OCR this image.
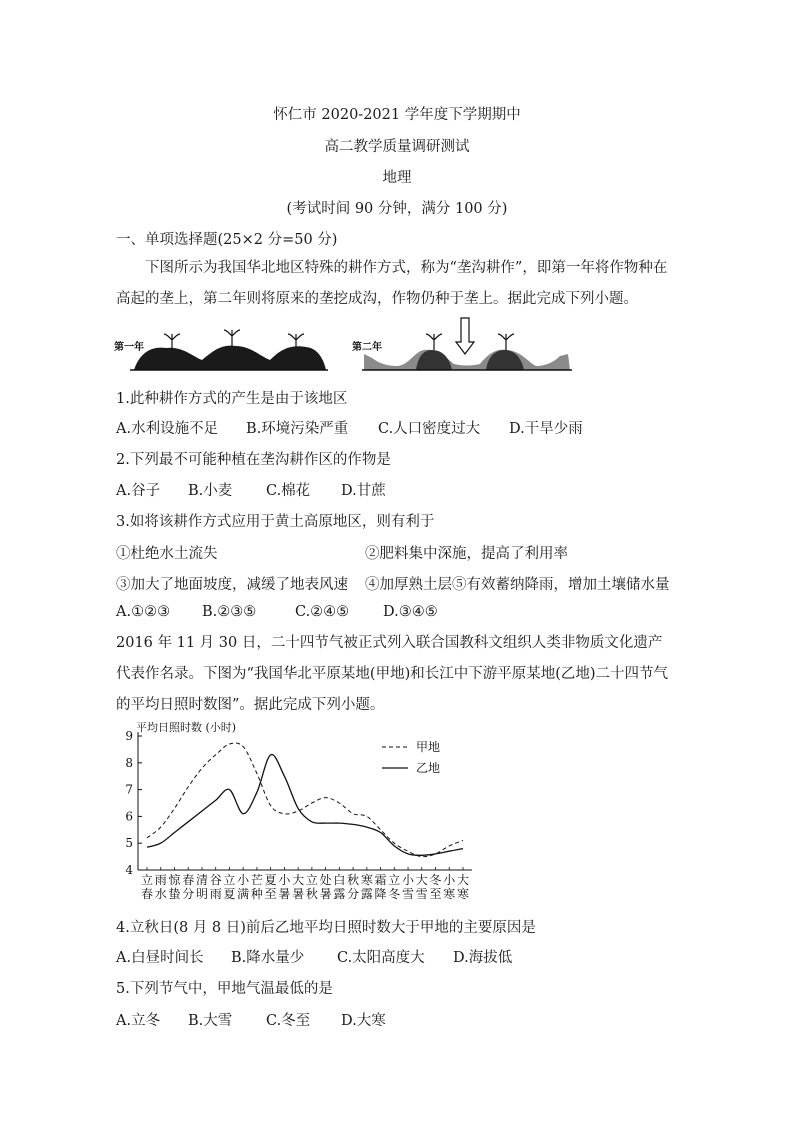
怀仁市 2020-2021 学年度下学期期中
高二教学质量调研测试
地理
(考试时间 90 分钟，满分 100 分)
一、单项选择题(25×2 分=50 分)
下图所示为我国华北地区特殊的耕作方式，称为“垄沟耕作”，即第一年将作物种在高起的垄上，第二年则将原来的垄挖成沟，作物仍种于垄上。据此完成下列小题。
第一年	第二年
1.此种耕作方式的产生是由于该地区
A.水利设施不足 B.环境污染严重 C.人口密度过大 D.干旱少雨
2.下列最不可能种植在垄沟耕作区的作物是
A.谷子 B.小麦 C.棉花 D.甘蔗
3.如将该耕作方式应用于黄土高原地区，则有利于
①杜绝水土流失	②肥料集中深施，提高了利用率
③加大了地面坡度，减缓了地表风速 ④加厚熟土层⑤有效蓄纳降雨，增加土壤储水量
A.①②③ B.②③⑤	C.②④⑤ D.③④⑤
2016 年 11 月 30 日，二十四节气被正式列入联合国教科文组织人类非物质文化遗产代表作名录。下图为“我国华北平原某地(甲地)和长江中下游平原某地(乙地)二十四节气的平均日照时数图”。据此完成下列小题。
4
5
6
7
8
9
立
春
雨
水
惊
蛰
春
分
清
明
谷
雨
立
夏
小
满
芒
种
夏
至
小
暑
大
暑
立
秋
处
暑
白
露
秋
分
寒
露
霜
降
立
冬
小
雪
大
雪
冬
至
小
寒
大
寒
平均日照时数 (小时)
甲地
乙地
4.立秋日(8 月 8 日)前后乙地平均日照时数大于甲地的主要原因是
A.白昼时间长 B.降水量少 C.太阳高度大 D.海拔低
5.下列节气中，甲地气温最低的是
A.立冬 B.大雪 C.冬至 D.大寒
